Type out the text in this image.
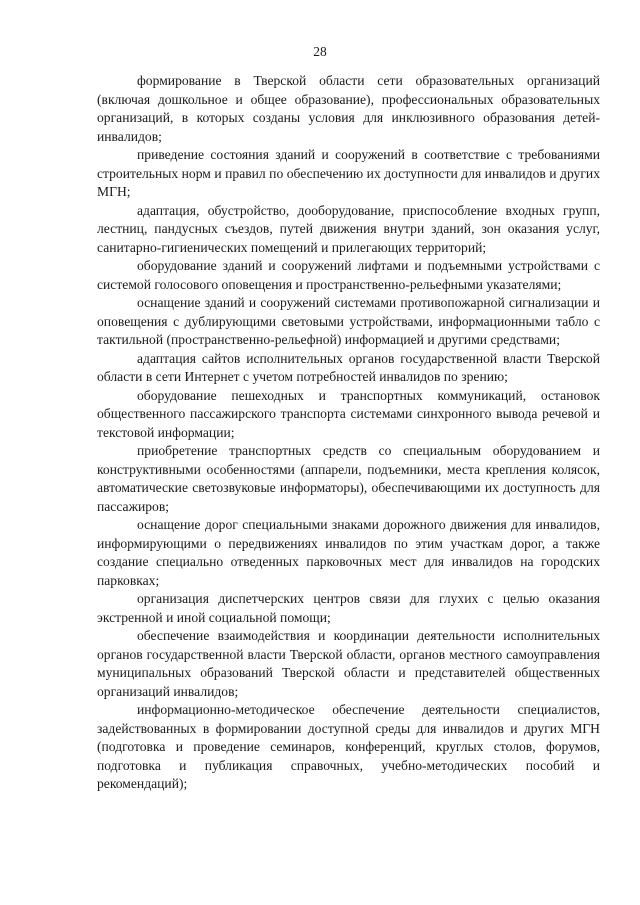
28

формирование в Тверской области сети образовательных организаций (включая дошкольное и общее образование), профессиональных образовательных организаций, в которых созданы условия для инклюзивного образования детей-инвалидов;

приведение состояния зданий и сооружений в соответствие с требованиями строительных норм и правил по обеспечению их доступности для инвалидов и других МГН;

адаптация, обустройство, дооборудование, приспособление входных групп, лестниц, пандусных съездов, путей движения внутри зданий, зон оказания услуг, санитарно-гигиенических помещений и прилегающих территорий;

оборудование зданий и сооружений лифтами и подъемными устройствами с системой голосового оповещения и пространственно-рельефными указателями;

оснащение зданий и сооружений системами противопожарной сигнализации и оповещения с дублирующими световыми устройствами, информационными табло с тактильной (пространственно-рельефной) информацией и другими средствами;

адаптация сайтов исполнительных органов государственной власти Тверской области в сети Интернет с учетом потребностей инвалидов по зрению;

оборудование пешеходных и транспортных коммуникаций, остановок общественного пассажирского транспорта системами синхронного вывода речевой и текстовой информации;

приобретение транспортных средств со специальным оборудованием и конструктивными особенностями (аппарели, подъемники, места крепления колясок, автоматические светозвуковые информаторы), обеспечивающими их доступность для пассажиров;

оснащение дорог специальными знаками дорожного движения для инвалидов, информирующими о передвижениях инвалидов по этим участкам дорог, а также создание специально отведенных парковочных мест для инвалидов на городских парковках;

организация диспетчерских центров связи для глухих с целью оказания экстренной и иной социальной помощи;

обеспечение взаимодействия и координации деятельности исполнительных органов государственной власти Тверской области, органов местного самоуправления муниципальных образований Тверской области и представителей общественных организаций инвалидов;

информационно-методическое обеспечение деятельности специалистов, задействованных в формировании доступной среды для инвалидов и других МГН (подготовка и проведение семинаров, конференций, круглых столов, форумов, подготовка и публикация справочных, учебно-методических пособий и рекомендаций);
